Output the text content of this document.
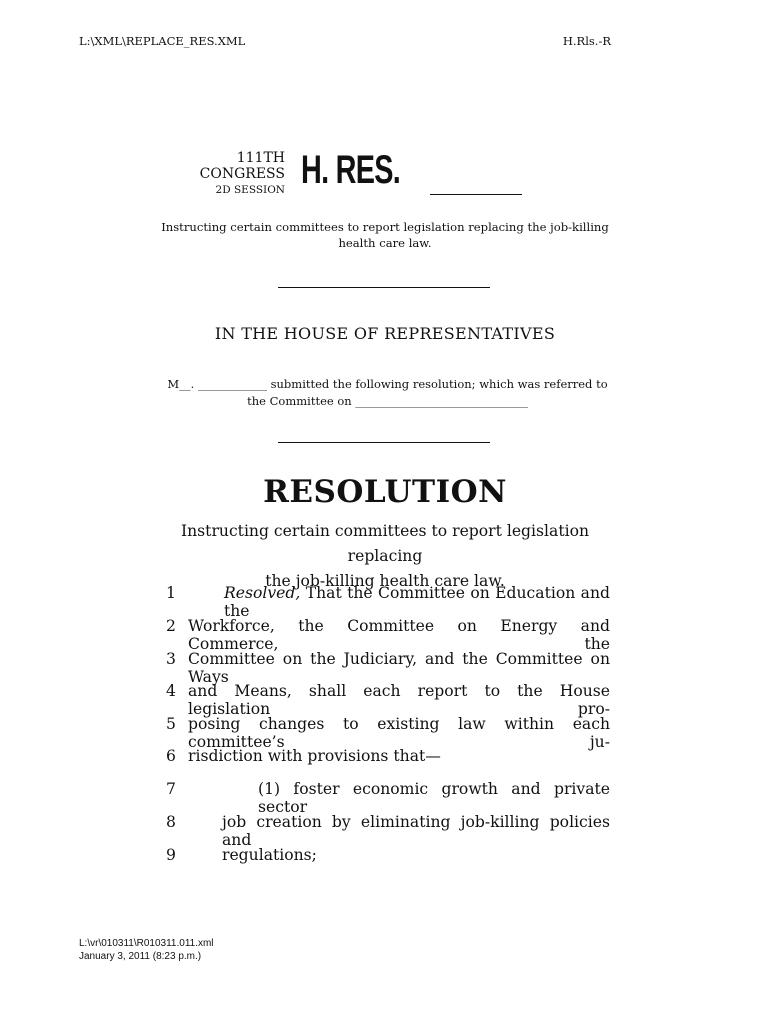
L:\XML\REPLACE_RES.XML	H.Rls.-R
111TH CONGRESS
2D SESSION H. RES.
Instructing certain committees to report legislation replacing the job-killing
health care law.
IN THE HOUSE OF REPRESENTATIVES
M__. ____________ submitted the following resolution; which was referred to
the Committee on ______________________________
RESOLUTION
Instructing certain committees to report legislation replacing
the job-killing health care law.
1	Resolved, That the Committee on Education and the
2 Workforce, the Committee on Energy and Commerce, the
3 Committee on the Judiciary, and the Committee on Ways
4 and Means, shall each report to the House legislation pro-
5 posing changes to existing law within each committee’s ju-
6 risdiction with provisions that—
7	(1) foster economic growth and private sector
8	job creation by eliminating job-killing policies and
9	regulations;
L:\vr\010311\R010311.011.xml
January 3, 2011 (8:23 p.m.)
